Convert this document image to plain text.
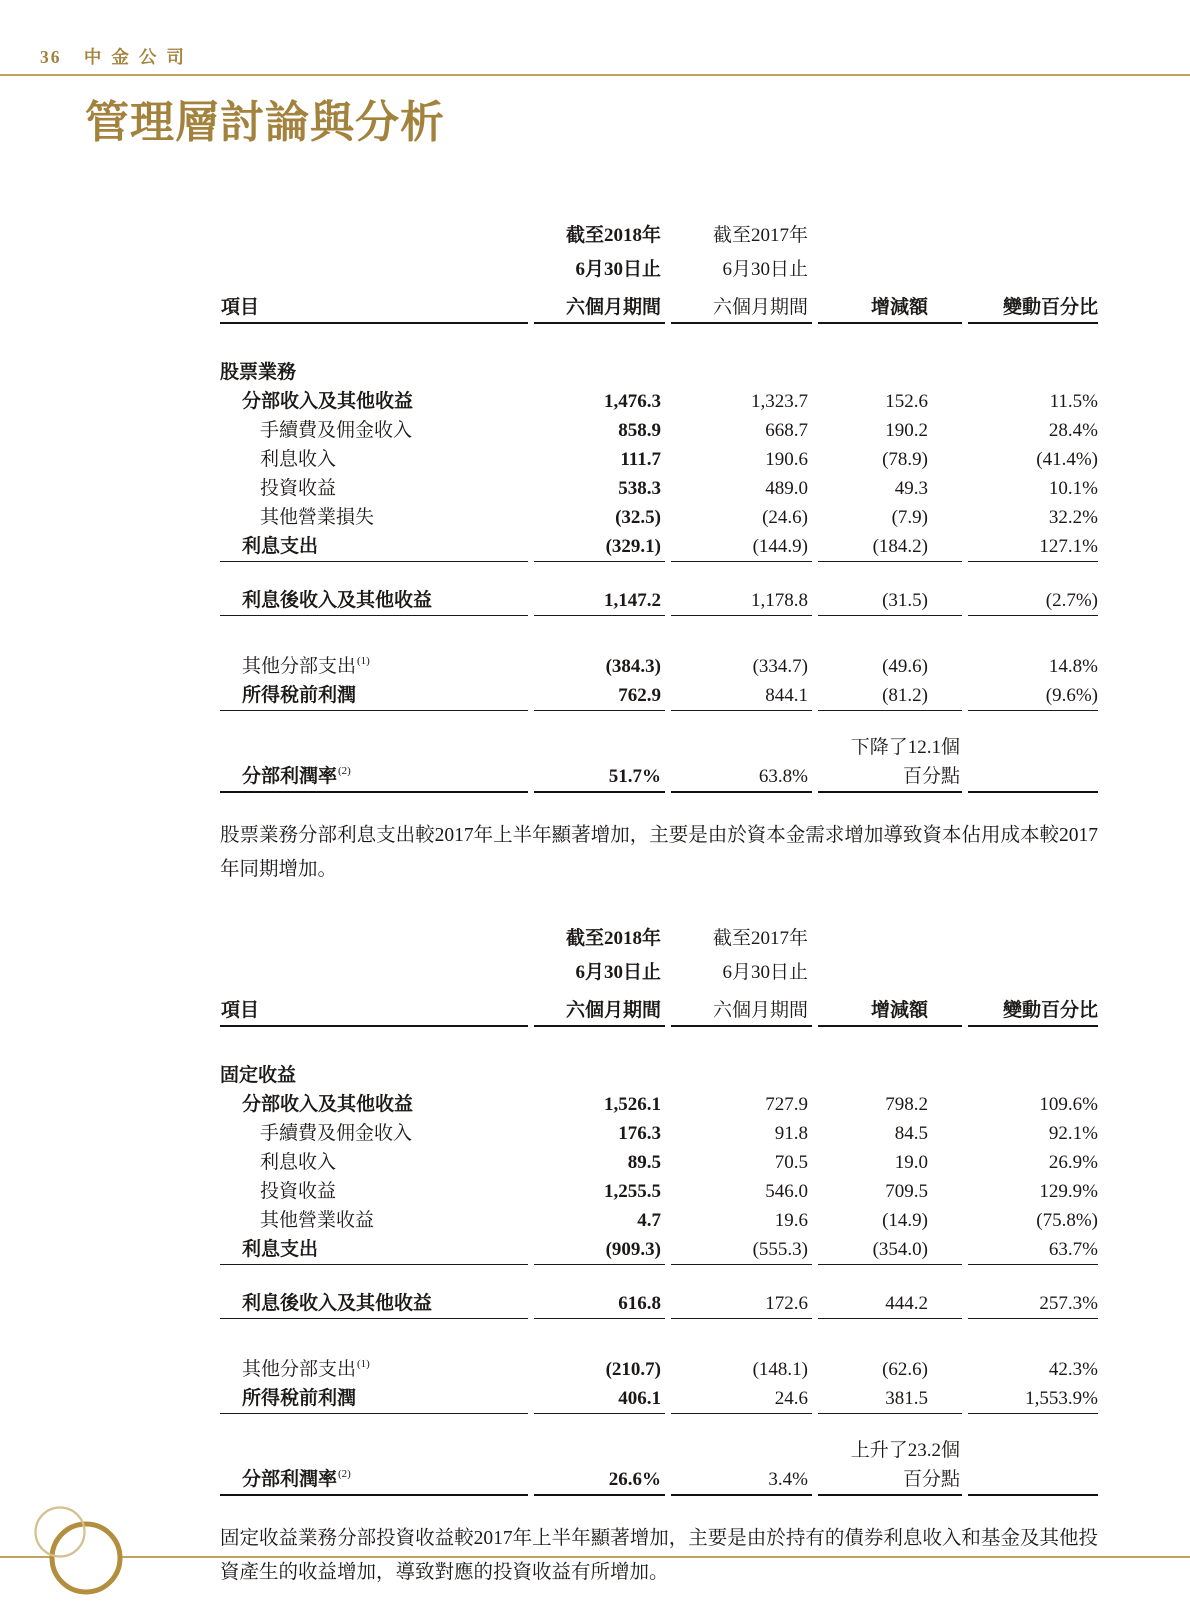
36 中金公司
管理層討論與分析
	截至2018年	截至2017年		
	6月30日止	6月30日止		
項目	六個月期間	六個月期間	增減額	變動百分比

股票業務				
分部收入及其他收益	1,476.3	1,323.7	152.6	11.5%
手續費及佣金收入	858.9	668.7	190.2	28.4%
利息收入	111.7	190.6	(78.9)	(41.4%)
投資收益	538.3	489.0	49.3	10.1%
其他營業損失	(32.5)	(24.6)	(7.9)	32.2%
利息支出	(329.1)	(144.9)	(184.2)	127.1%

利息後收入及其他收益	1,147.2	1,178.8	(31.5)	(2.7%)

其他分部支出$^{(1)}$	(384.3)	(334.7)	(49.6)	14.8%
所得稅前利潤	762.9	844.1	(81.2)	(9.6%)

			下降了12.1個	
分部利潤率$^{(2)}$	51.7%	63.8%	百分點	

股票業務分部利息支出較2017年上半年顯著增加，主要是由於資本金需求增加導致資本佔用成本較2017年同期增加。

	截至2018年	截至2017年		
	6月30日止	6月30日止		
項目	六個月期間	六個月期間	增減額	變動百分比

固定收益				
分部收入及其他收益	1,526.1	727.9	798.2	109.6%
手續費及佣金收入	176.3	91.8	84.5	92.1%
利息收入	89.5	70.5	19.0	26.9%
投資收益	1,255.5	546.0	709.5	129.9%
其他營業收益	4.7	19.6	(14.9)	(75.8%)
利息支出	(909.3)	(555.3)	(354.0)	63.7%

利息後收入及其他收益	616.8	172.6	444.2	257.3%

其他分部支出$^{(1)}$	(210.7)	(148.1)	(62.6)	42.3%
所得稅前利潤	406.1	24.6	381.5	1,553.9%

			上升了23.2個	
分部利潤率$^{(2)}$	26.6%	3.4%	百分點	

固定收益業務分部投資收益較2017年上半年顯著增加，主要是由於持有的債券利息收入和基金及其他投資產生的收益增加，導致對應的投資收益有所增加。
